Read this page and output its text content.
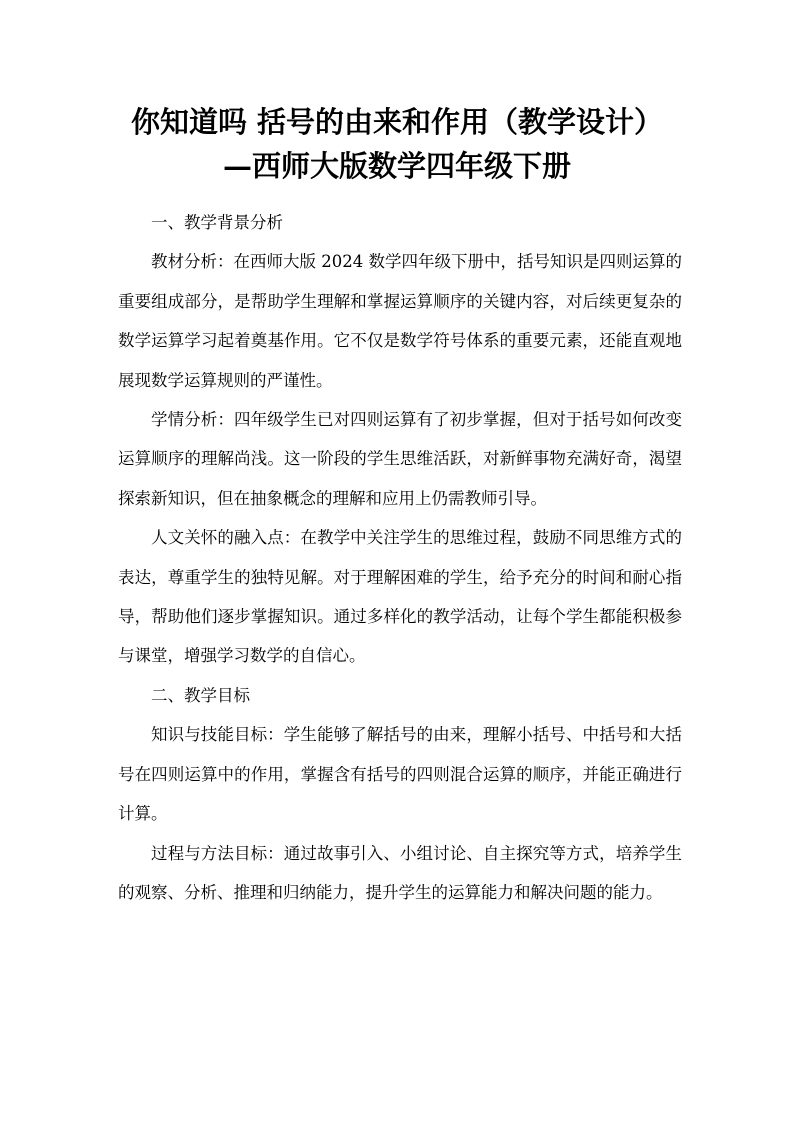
你知道吗 括号的由来和作用（教学设计）
—西师大版数学四年级下册

一、教学背景分析

教材分析：在西师大版 2024 数学四年级下册中，括号知识是四则运算的重要组成部分，是帮助学生理解和掌握运算顺序的关键内容，对后续更复杂的数学运算学习起着奠基作用。它不仅是数学符号体系的重要元素，还能直观地展现数学运算规则的严谨性。

学情分析：四年级学生已对四则运算有了初步掌握，但对于括号如何改变运算顺序的理解尚浅。这一阶段的学生思维活跃，对新鲜事物充满好奇，渴望探索新知识，但在抽象概念的理解和应用上仍需教师引导。

人文关怀的融入点：在教学中关注学生的思维过程，鼓励不同思维方式的表达，尊重学生的独特见解。对于理解困难的学生，给予充分的时间和耐心指导，帮助他们逐步掌握知识。通过多样化的教学活动，让每个学生都能积极参与课堂，增强学习数学的自信心。

二、教学目标

知识与技能目标：学生能够了解括号的由来，理解小括号、中括号和大括号在四则运算中的作用，掌握含有括号的四则混合运算的顺序，并能正确进行计算。

过程与方法目标：通过故事引入、小组讨论、自主探究等方式，培养学生的观察、分析、推理和归纳能力，提升学生的运算能力和解决问题的能力。
